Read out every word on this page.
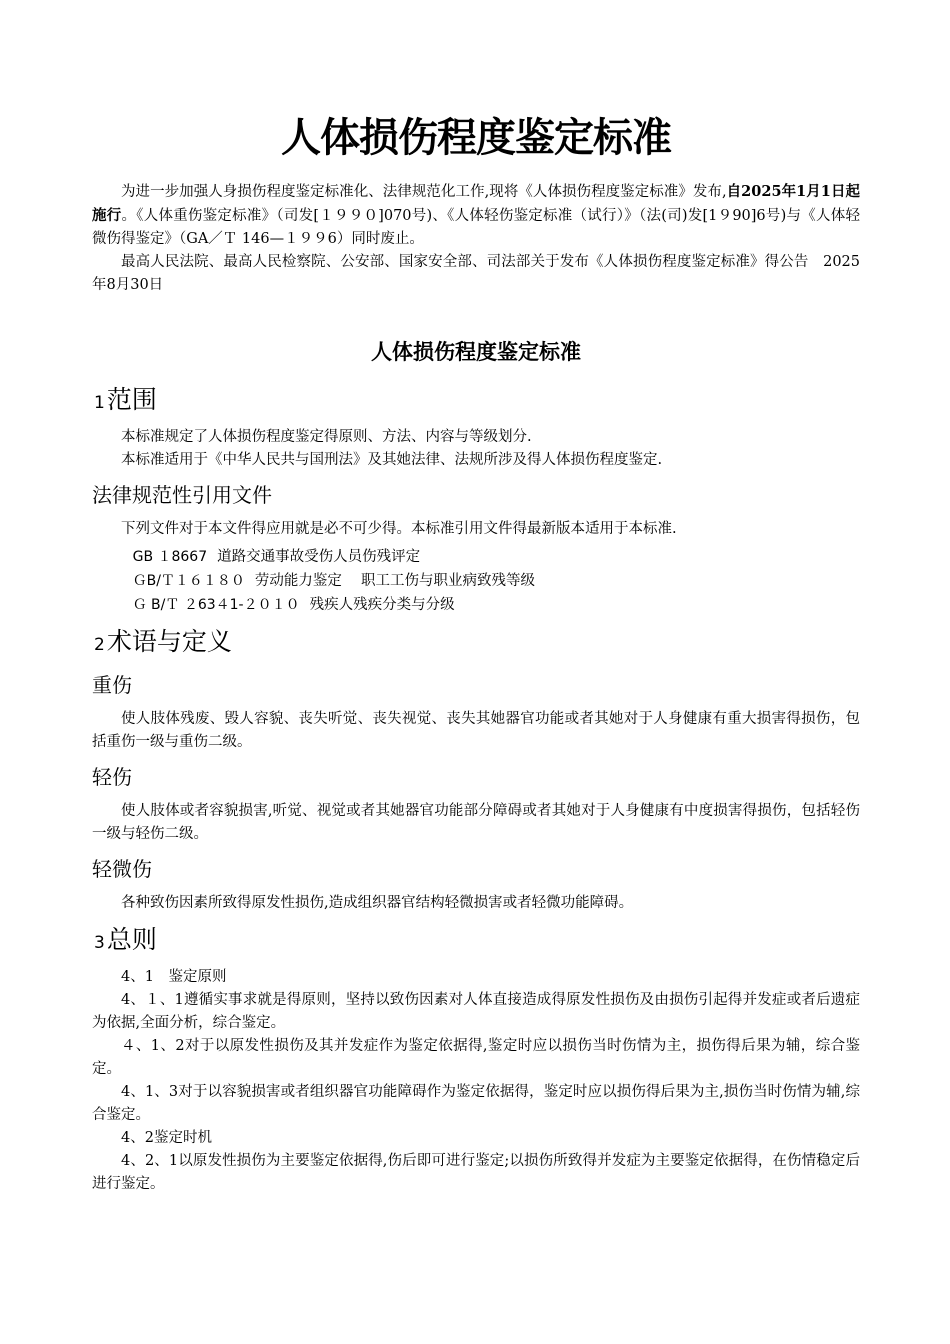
人体损伤程度鉴定标准

为进一步加强人身损伤程度鉴定标准化、法律规范化工作,现将《人体损伤程度鉴定标准》发布,自2025年1月1日起施行。《人体重伤鉴定标准》（司发[１９９０]070号)、《人体轻伤鉴定标准（试行）》（法(司)发[1９90]6号)与《人体轻微伤得鉴定》（GA／Ｔ 146—１９９6）同时废止。

最高人民法院、最高人民检察院、公安部、国家安全部、司法部关于发布《人体损伤程度鉴定标准》得公告　2025年8月30日

人体损伤程度鉴定标准
1范围

本标准规定了人体损伤程度鉴定得原则、方法、内容与等级划分.

本标准适用于《中华人民共与国刑法》及其她法律、法规所涉及得人体损伤程度鉴定.

法律规范性引用文件

下列文件对于本文件得应用就是必不可少得。本标准引用文件得最新版本适用于本标准.

GB １8667 道路交通事故受伤人员伤残评定
ＧB/Ｔ１６１８０ 劳动能力鉴定　 职工工伤与职业病致残等级
Ｇ B/Ｔ ２63４1-２０１０ 残疾人残疾分类与分级
2术语与定义
重伤

使人肢体残废、毁人容貌、丧失听觉、丧失视觉、丧失其她器官功能或者其她对于人身健康有重大损害得损伤，包括重伤一级与重伤二级。

轻伤

使人肢体或者容貌损害,听觉、视觉或者其她器官功能部分障碍或者其她对于人身健康有中度损害得损伤，包括轻伤一级与轻伤二级。

轻微伤

各种致伤因素所致得原发性损伤,造成组织器官结构轻微损害或者轻微功能障碍。

3总则

4、1　鉴定原则

4、１、1遵循实事求就是得原则，坚持以致伤因素对人体直接造成得原发性损伤及由损伤引起得并发症或者后遗症为依据,全面分析，综合鉴定。

４、1、2对于以原发性损伤及其并发症作为鉴定依据得,鉴定时应以损伤当时伤情为主，损伤得后果为辅，综合鉴定。

4、1、3对于以容貌损害或者组织器官功能障碍作为鉴定依据得，鉴定时应以损伤得后果为主,损伤当时伤情为辅,综合鉴定。

4、2鉴定时机

4、2、1以原发性损伤为主要鉴定依据得,伤后即可进行鉴定;以损伤所致得并发症为主要鉴定依据得，在伤情稳定后进行鉴定。
